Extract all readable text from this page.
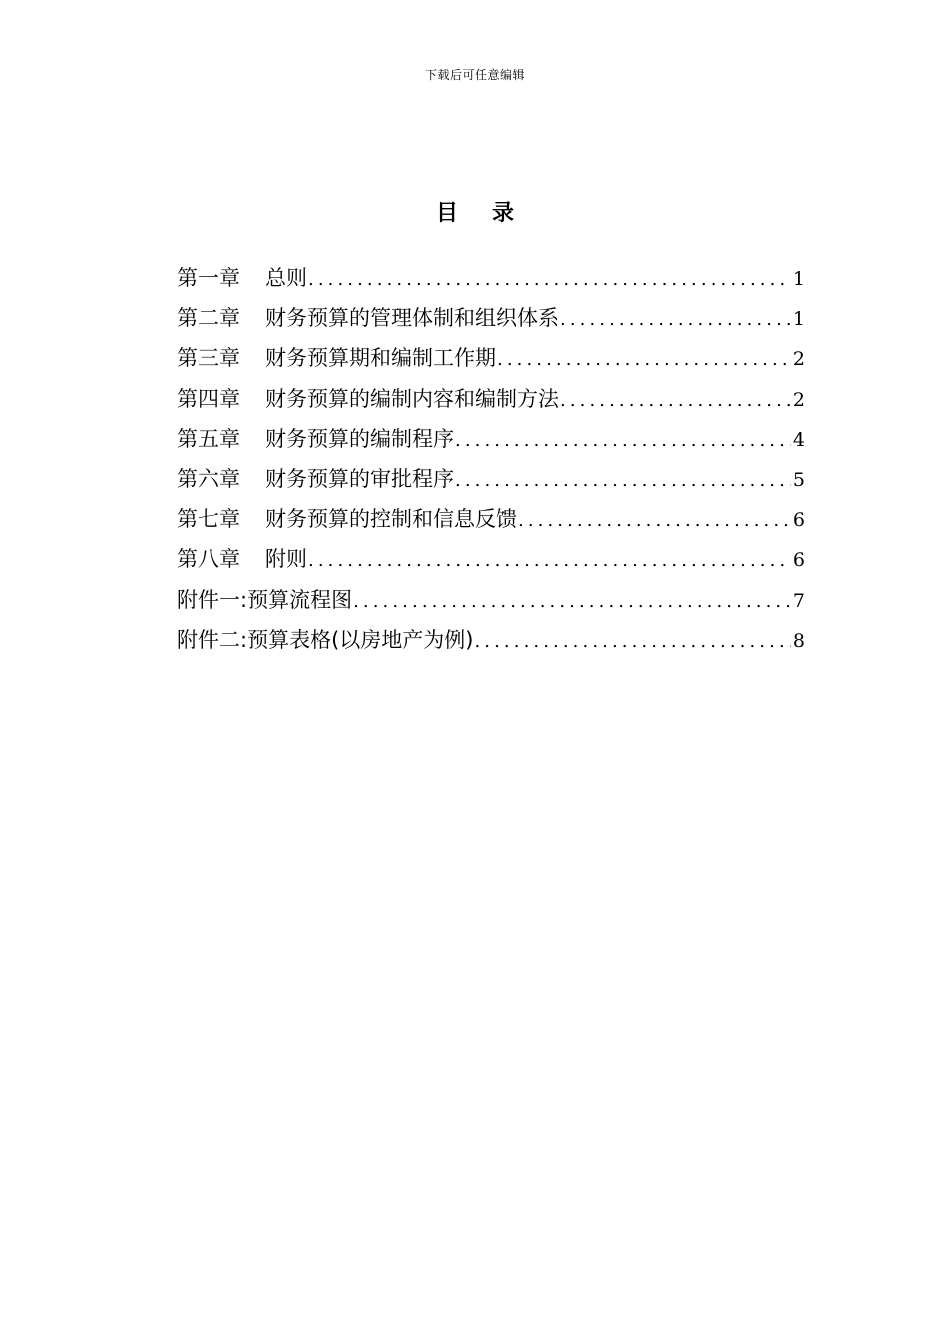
下载后可任意编辑
目 录
第一章 总则 .....	1
第二章 财务预算的管理体制和组织体系 .....	1
第三章 财务预算期和编制工作期 .....	2
第四章 财务预算的编制内容和编制方法 .....	2
第五章 财务预算的编制程序 .....	4
第六章 财务预算的审批程序 .....	5
第七章 财务预算的控制和信息反馈 .....	6
第八章 附则 .....	6
附件一: 预算流程图 .....	7
附件二: 预算表格(以房地产为例) .....	8
